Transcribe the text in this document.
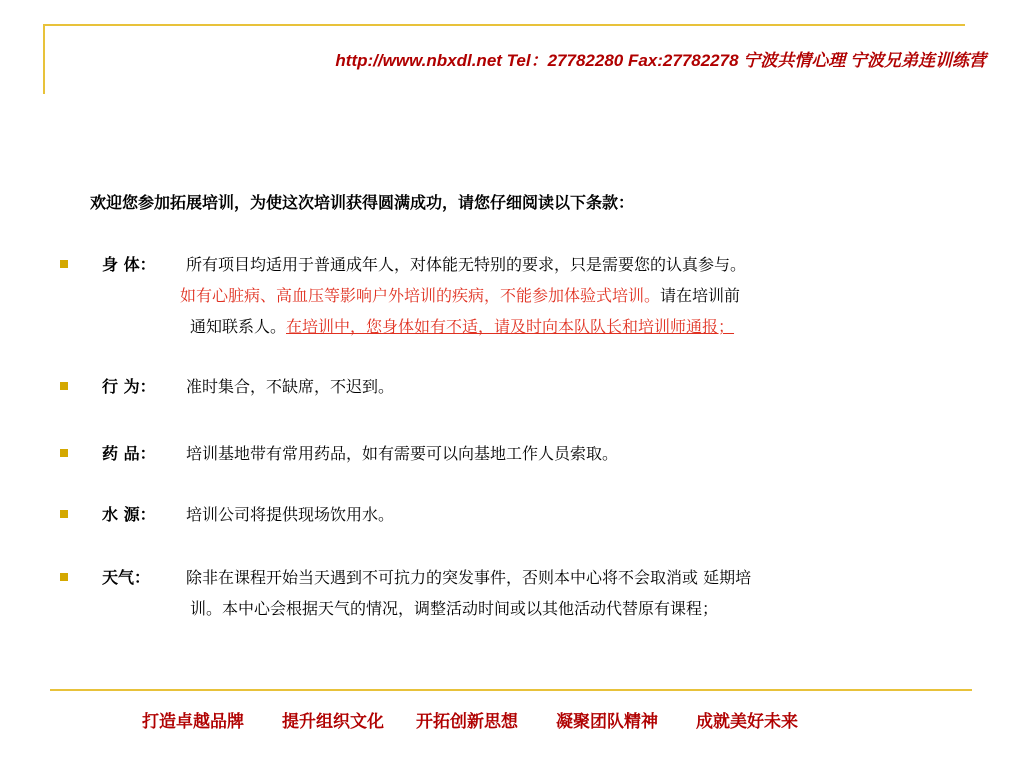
http://www.nbxdl.net Tel：27782280 Fax:27782278 宁波共情心理 宁波兄弟连训练营
欢迎您参加拓展培训，为使这次培训获得圆满成功，请您仔细阅读以下条款：
身 体： 所有项目均适用于普通成年人，对体能无特别的要求，只是需要您的认真参与。
如有心脏病、高血压等影响户外培训的疾病，不能参加体验式培训。请在培训前
通知联系人。在培训中，您身体如有不适，请及时向本队队长和培训师通报；
行 为： 准时集合，不缺席，不迟到。
药 品： 培训基地带有常用药品，如有需要可以向基地工作人员索取。
水 源： 培训公司将提供现场饮用水。
天气： 除非在课程开始当天遇到不可抗力的突发事件，否则本中心将不会取消或 延期培
训。本中心会根据天气的情况，调整活动时间或以其他活动代替原有课程；
打造卓越品牌 提升组织文化 开拓创新思想 凝聚团队精神 成就美好未来
